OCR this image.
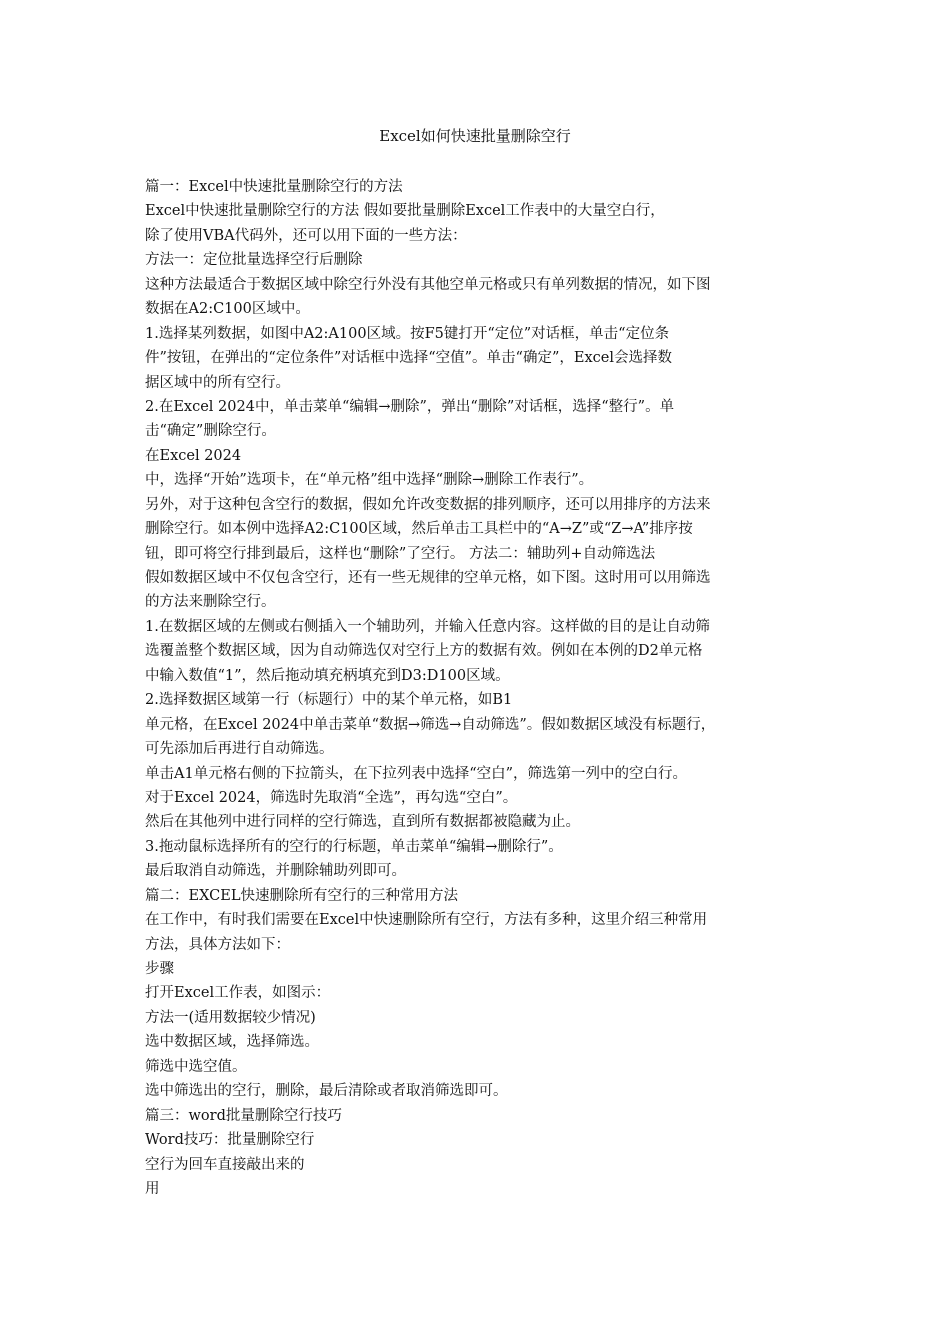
Excel如何快速批量删除空行
篇一：Excel中快速批量删除空行的方法
Excel中快速批量删除空行的方法 假如要批量删除Excel工作表中的大量空白行，
除了使用VBA代码外，还可以用下面的一些方法：
方法一：定位批量选择空行后删除
这种方法最适合于数据区域中除空行外没有其他空单元格或只有单列数据的情况，如下图
数据在A2:C100区域中。
1.选择某列数据，如图中A2:A100区域。按F5键打开“定位”对话框，单击“定位条
件”按钮，在弹出的“定位条件”对话框中选择“空值”。单击“确定”，Excel会选择数
据区域中的所有空行。
2.在Excel 2024中，单击菜单“编辑→删除”，弹出“删除”对话框，选择“整行”。单
击“确定”删除空行。
在Excel 2024
中，选择“开始”选项卡，在“单元格”组中选择“删除→删除工作表行”。
另外，对于这种包含空行的数据，假如允许改变数据的排列顺序，还可以用排序的方法来
删除空行。如本例中选择A2:C100区域，然后单击工具栏中的“A→Z”或“Z→A”排序按
钮，即可将空行排到最后，这样也“删除”了空行。 方法二：辅助列+自动筛选法
假如数据区域中不仅包含空行，还有一些无规律的空单元格，如下图。这时用可以用筛选
的方法来删除空行。
1.在数据区域的左侧或右侧插入一个辅助列，并输入任意内容。这样做的目的是让自动筛
选覆盖整个数据区域，因为自动筛选仅对空行上方的数据有效。例如在本例的D2单元格
中输入数值“1”，然后拖动填充柄填充到D3:D100区域。
2.选择数据区域第一行（标题行）中的某个单元格，如B1
单元格，在Excel 2024中单击菜单“数据→筛选→自动筛选”。假如数据区域没有标题行，
可先添加后再进行自动筛选。
单击A1单元格右侧的下拉箭头，在下拉列表中选择“空白”，筛选第一列中的空白行。
对于Excel 2024，筛选时先取消“全选”，再勾选“空白”。
然后在其他列中进行同样的空行筛选，直到所有数据都被隐藏为止。
3.拖动鼠标选择所有的空行的行标题，单击菜单“编辑→删除行”。
最后取消自动筛选，并删除辅助列即可。
篇二：EXCEL快速删除所有空行的三种常用方法
在工作中，有时我们需要在Excel中快速删除所有空行，方法有多种，这里介绍三种常用
方法，具体方法如下：
步骤
打开Excel工作表，如图示：
方法一(适用数据较少情况)
选中数据区域，选择筛选。
筛选中选空值。
选中筛选出的空行，删除，最后清除或者取消筛选即可。
篇三：word批量删除空行技巧
Word技巧：批量删除空行
空行为回车直接敲出来的
用
